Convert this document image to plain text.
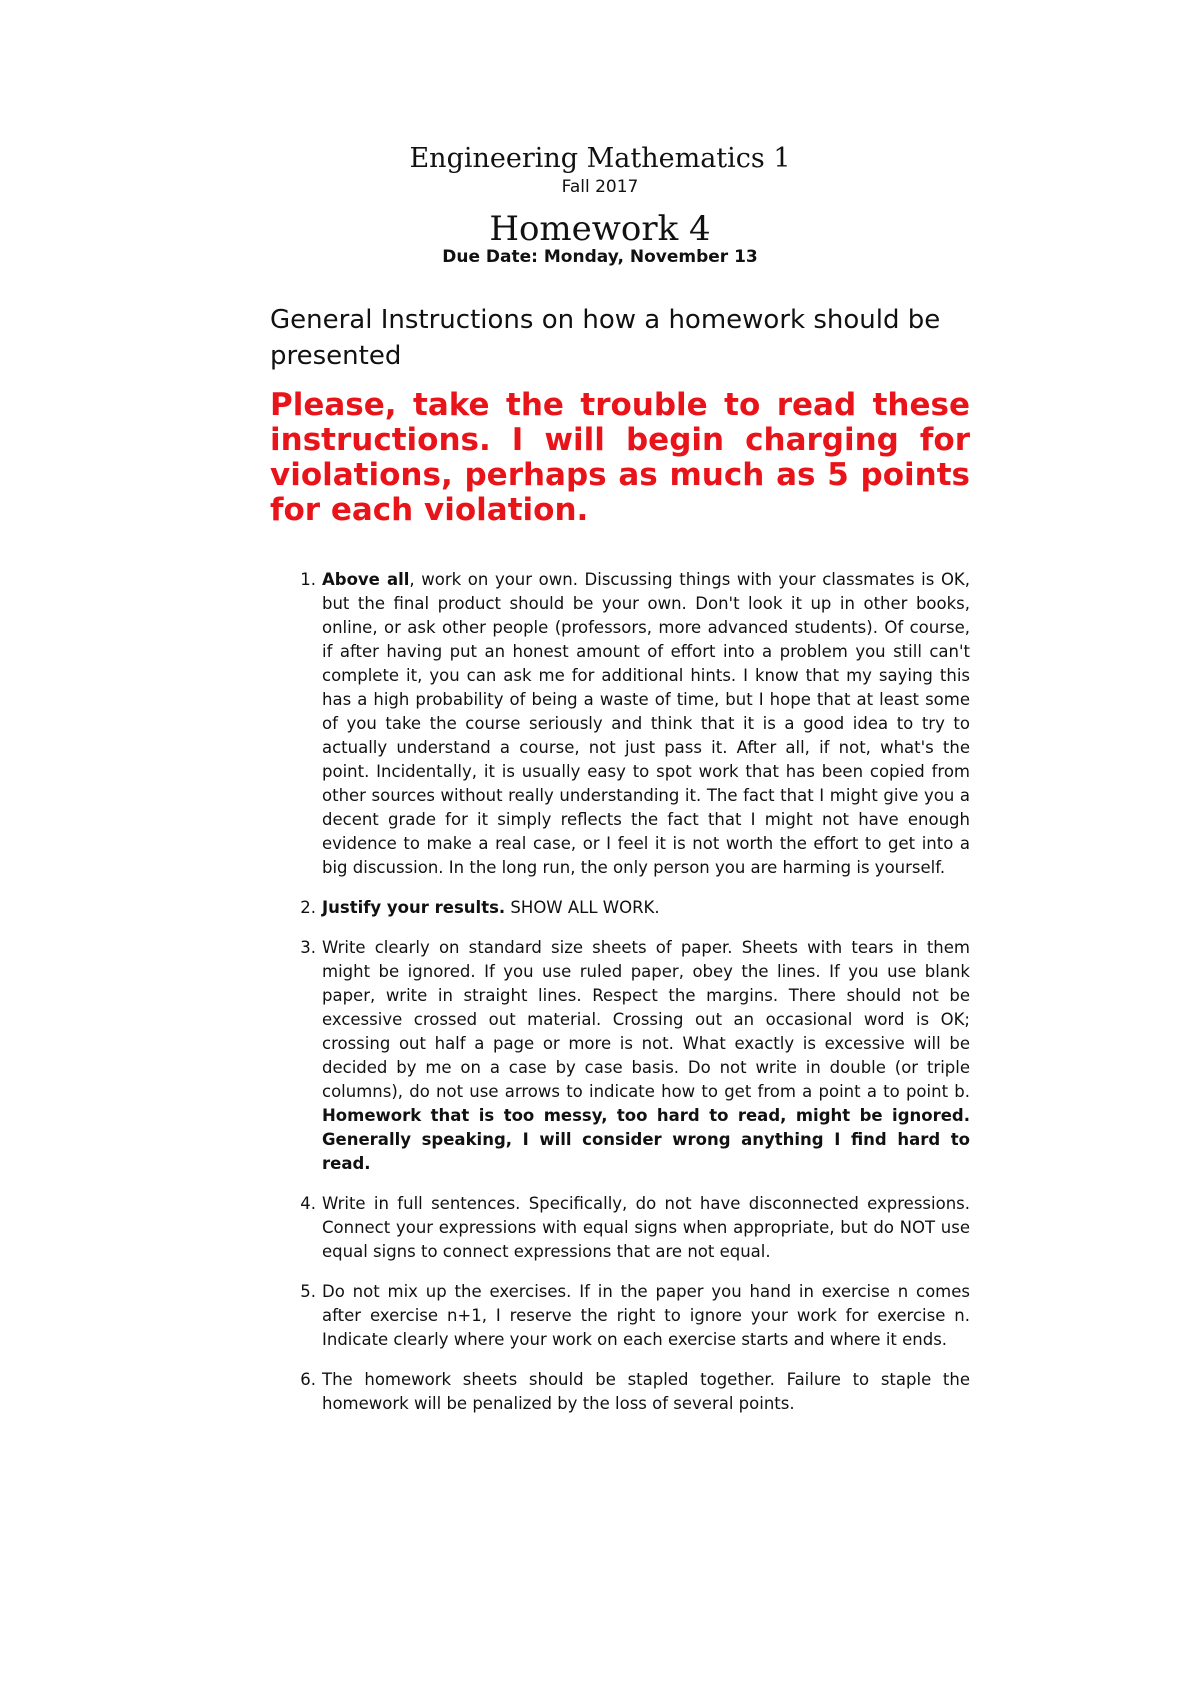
Engineering Mathematics 1
Fall 2017
Homework 4
Due Date: Monday, November 13
General Instructions on how a homework should be presented
Please, take the trouble to read these instructions. I will begin charging for violations, perhaps as much as 5 points for each violation.
1. Above all, work on your own. Discussing things with your classmates is OK, but the final product should be your own. Don't look it up in other books, online, or ask other people (professors, more advanced students). Of course, if after having put an honest amount of effort into a problem you still can't complete it, you can ask me for additional hints. I know that my saying this has a high probability of being a waste of time, but I hope that at least some of you take the course seriously and think that it is a good idea to try to actually understand a course, not just pass it. After all, if not, what's the point. Incidentally, it is usually easy to spot work that has been copied from other sources without really understanding it. The fact that I might give you a decent grade for it simply reflects the fact that I might not have enough evidence to make a real case, or I feel it is not worth the effort to get into a big discussion. In the long run, the only person you are harming is yourself.
2. Justify your results. SHOW ALL WORK.
3. Write clearly on standard size sheets of paper. Sheets with tears in them might be ignored. If you use ruled paper, obey the lines. If you use blank paper, write in straight lines. Respect the margins. There should not be excessive crossed out material. Crossing out an occasional word is OK; crossing out half a page or more is not. What exactly is excessive will be decided by me on a case by case basis. Do not write in double (or triple columns), do not use arrows to indicate how to get from a point a to point b. Homework that is too messy, too hard to read, might be ignored. Generally speaking, I will consider wrong anything I find hard to read.
4. Write in full sentences. Specifically, do not have disconnected expressions. Connect your expressions with equal signs when appropriate, but do NOT use equal signs to connect expressions that are not equal.
5. Do not mix up the exercises. If in the paper you hand in exercise n comes after exercise n+1, I reserve the right to ignore your work for exercise n. Indicate clearly where your work on each exercise starts and where it ends.
6. The homework sheets should be stapled together. Failure to staple the homework will be penalized by the loss of several points.
